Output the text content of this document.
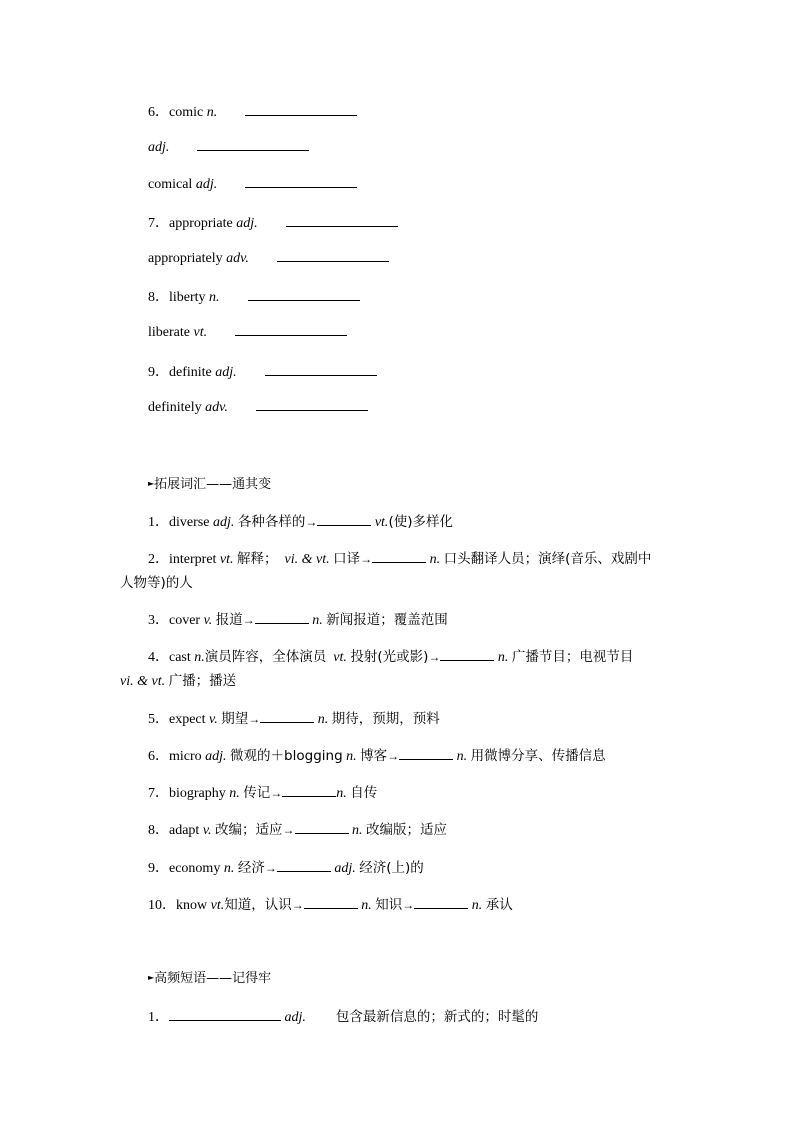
6．comic n.
adj.
comical adj.
7．appropriate adj.
appropriately adv.
8．liberty n.
liberate vt.
9．definite adj.
definitely adv.
►拓展词汇——通其变
1．diverse adj. 各种各样的→	vt.(使)多样化
2．interpret vt. 解释； vi. & vt. 口译→	n. 口头翻译人员；演绎(音乐、戏剧中
人物等)的人
3．cover v. 报道→	n. 新闻报道；覆盖范围
4．cast n.演员阵容，全体演员 vt. 投射(光或影)→	n. 广播节目；电视节目
vi. & vt. 广播；播送
5．expect v. 期望→	n. 期待，预期，预料
6．micro adj. 微观的＋blogging n. 博客→	n. 用微博分享、传播信息
7．biography n. 传记→	n. 自传
8．adapt v. 改编；适应→	n. 改编版；适应
9．economy n. 经济→	adj. 经济(上)的
10．know vt.知道，认识→	n. 知识→	n. 承认
►高频短语——记得牢
1．	adj. 包含最新信息的；新式的；时髦的
